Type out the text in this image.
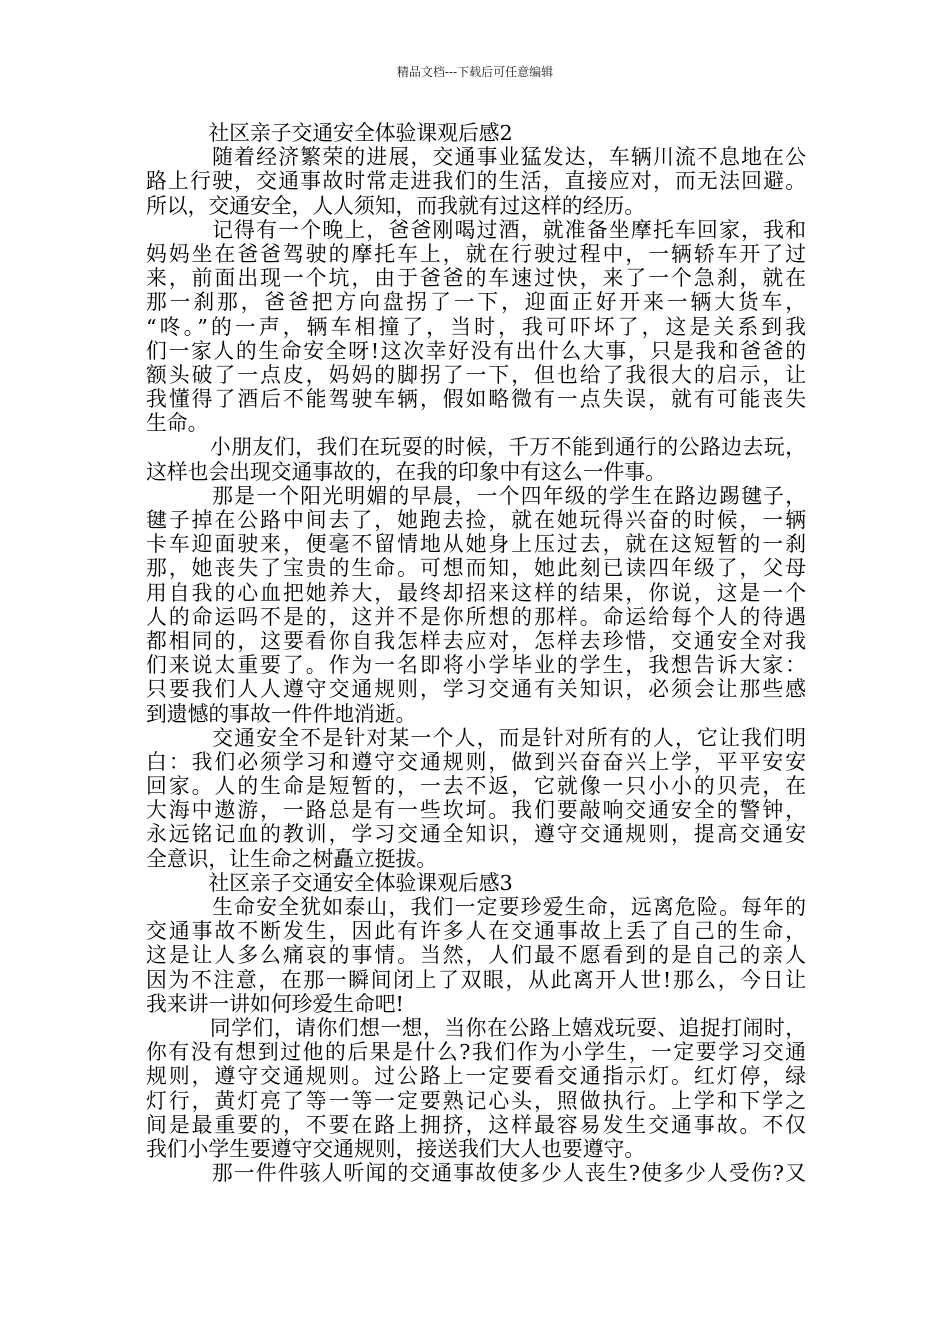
精品文档---下载后可任意编辑
　　　社区亲子交通安全体验课观后感2
　　　随着经济繁荣的进展，交通事业猛发达，车辆川流不息地在公
路上行驶，交通事故时常走进我们的生活，直接应对，而无法回避。
所以，交通安全，人人须知，而我就有过这样的经历。
　　　记得有一个晚上，爸爸刚喝过酒，就准备坐摩托车回家，我和
妈妈坐在爸爸驾驶的摩托车上，就在行驶过程中，一辆轿车开了过
来，前面出现一个坑，由于爸爸的车速过快，来了一个急刹，就在
那一刹那，爸爸把方向盘拐了一下，迎面正好开来一辆大货车，
“咚。”的一声，辆车相撞了，当时，我可吓坏了，这是关系到我
们一家人的生命安全呀!这次幸好没有出什么大事，只是我和爸爸的
额头破了一点皮，妈妈的脚拐了一下，但也给了我很大的启示，让
我懂得了酒后不能驾驶车辆，假如略微有一点失误，就有可能丧失
生命。
　　　小朋友们，我们在玩耍的时候，千万不能到通行的公路边去玩，
这样也会出现交通事故的，在我的印象中有这么一件事。
　　　那是一个阳光明媚的早晨，一个四年级的学生在路边踢毽子，
毽子掉在公路中间去了，她跑去捡，就在她玩得兴奋的时候，一辆
卡车迎面驶来，便毫不留情地从她身上压过去，就在这短暂的一刹
那，她丧失了宝贵的生命。可想而知，她此刻已读四年级了，父母
用自我的心血把她养大，最终却招来这样的结果，你说，这是一个
人的命运吗不是的，这并不是你所想的那样。命运给每个人的待遇
都相同的，这要看你自我怎样去应对，怎样去珍惜，交通安全对我
们来说太重要了。作为一名即将小学毕业的学生，我想告诉大家：
只要我们人人遵守交通规则，学习交通有关知识，必须会让那些感
到遗憾的事故一件件地消逝。
　　　交通安全不是针对某一个人，而是针对所有的人，它让我们明
白：我们必须学习和遵守交通规则，做到兴奋奋兴上学，平平安安
回家。人的生命是短暂的，一去不返，它就像一只小小的贝壳，在
大海中遨游，一路总是有一些坎坷。我们要敲响交通安全的警钟，
永远铭记血的教训，学习交通全知识，遵守交通规则，提高交通安
全意识，让生命之树矗立挺拔。
　　　社区亲子交通安全体验课观后感3
　　　生命安全犹如泰山，我们一定要珍爱生命，远离危险。每年的
交通事故不断发生，因此有许多人在交通事故上丢了自己的生命，
这是让人多么痛哀的事情。当然，人们最不愿看到的是自己的亲人
因为不注意，在那一瞬间闭上了双眼，从此离开人世!那么，今日让
我来讲一讲如何珍爱生命吧!
　　　同学们，请你们想一想，当你在公路上嬉戏玩耍、追捉打闹时，
你有没有想到过他的后果是什么?我们作为小学生，一定要学习交通
规则，遵守交通规则。过公路上一定要看交通指示灯。红灯停，绿
灯行，黄灯亮了等一等一定要熟记心头，照做执行。上学和下学之
间是最重要的，不要在路上拥挤，这样最容易发生交通事故。不仅
我们小学生要遵守交通规则，接送我们大人也要遵守。
　　　那一件件骇人听闻的交通事故使多少人丧生?使多少人受伤?又
